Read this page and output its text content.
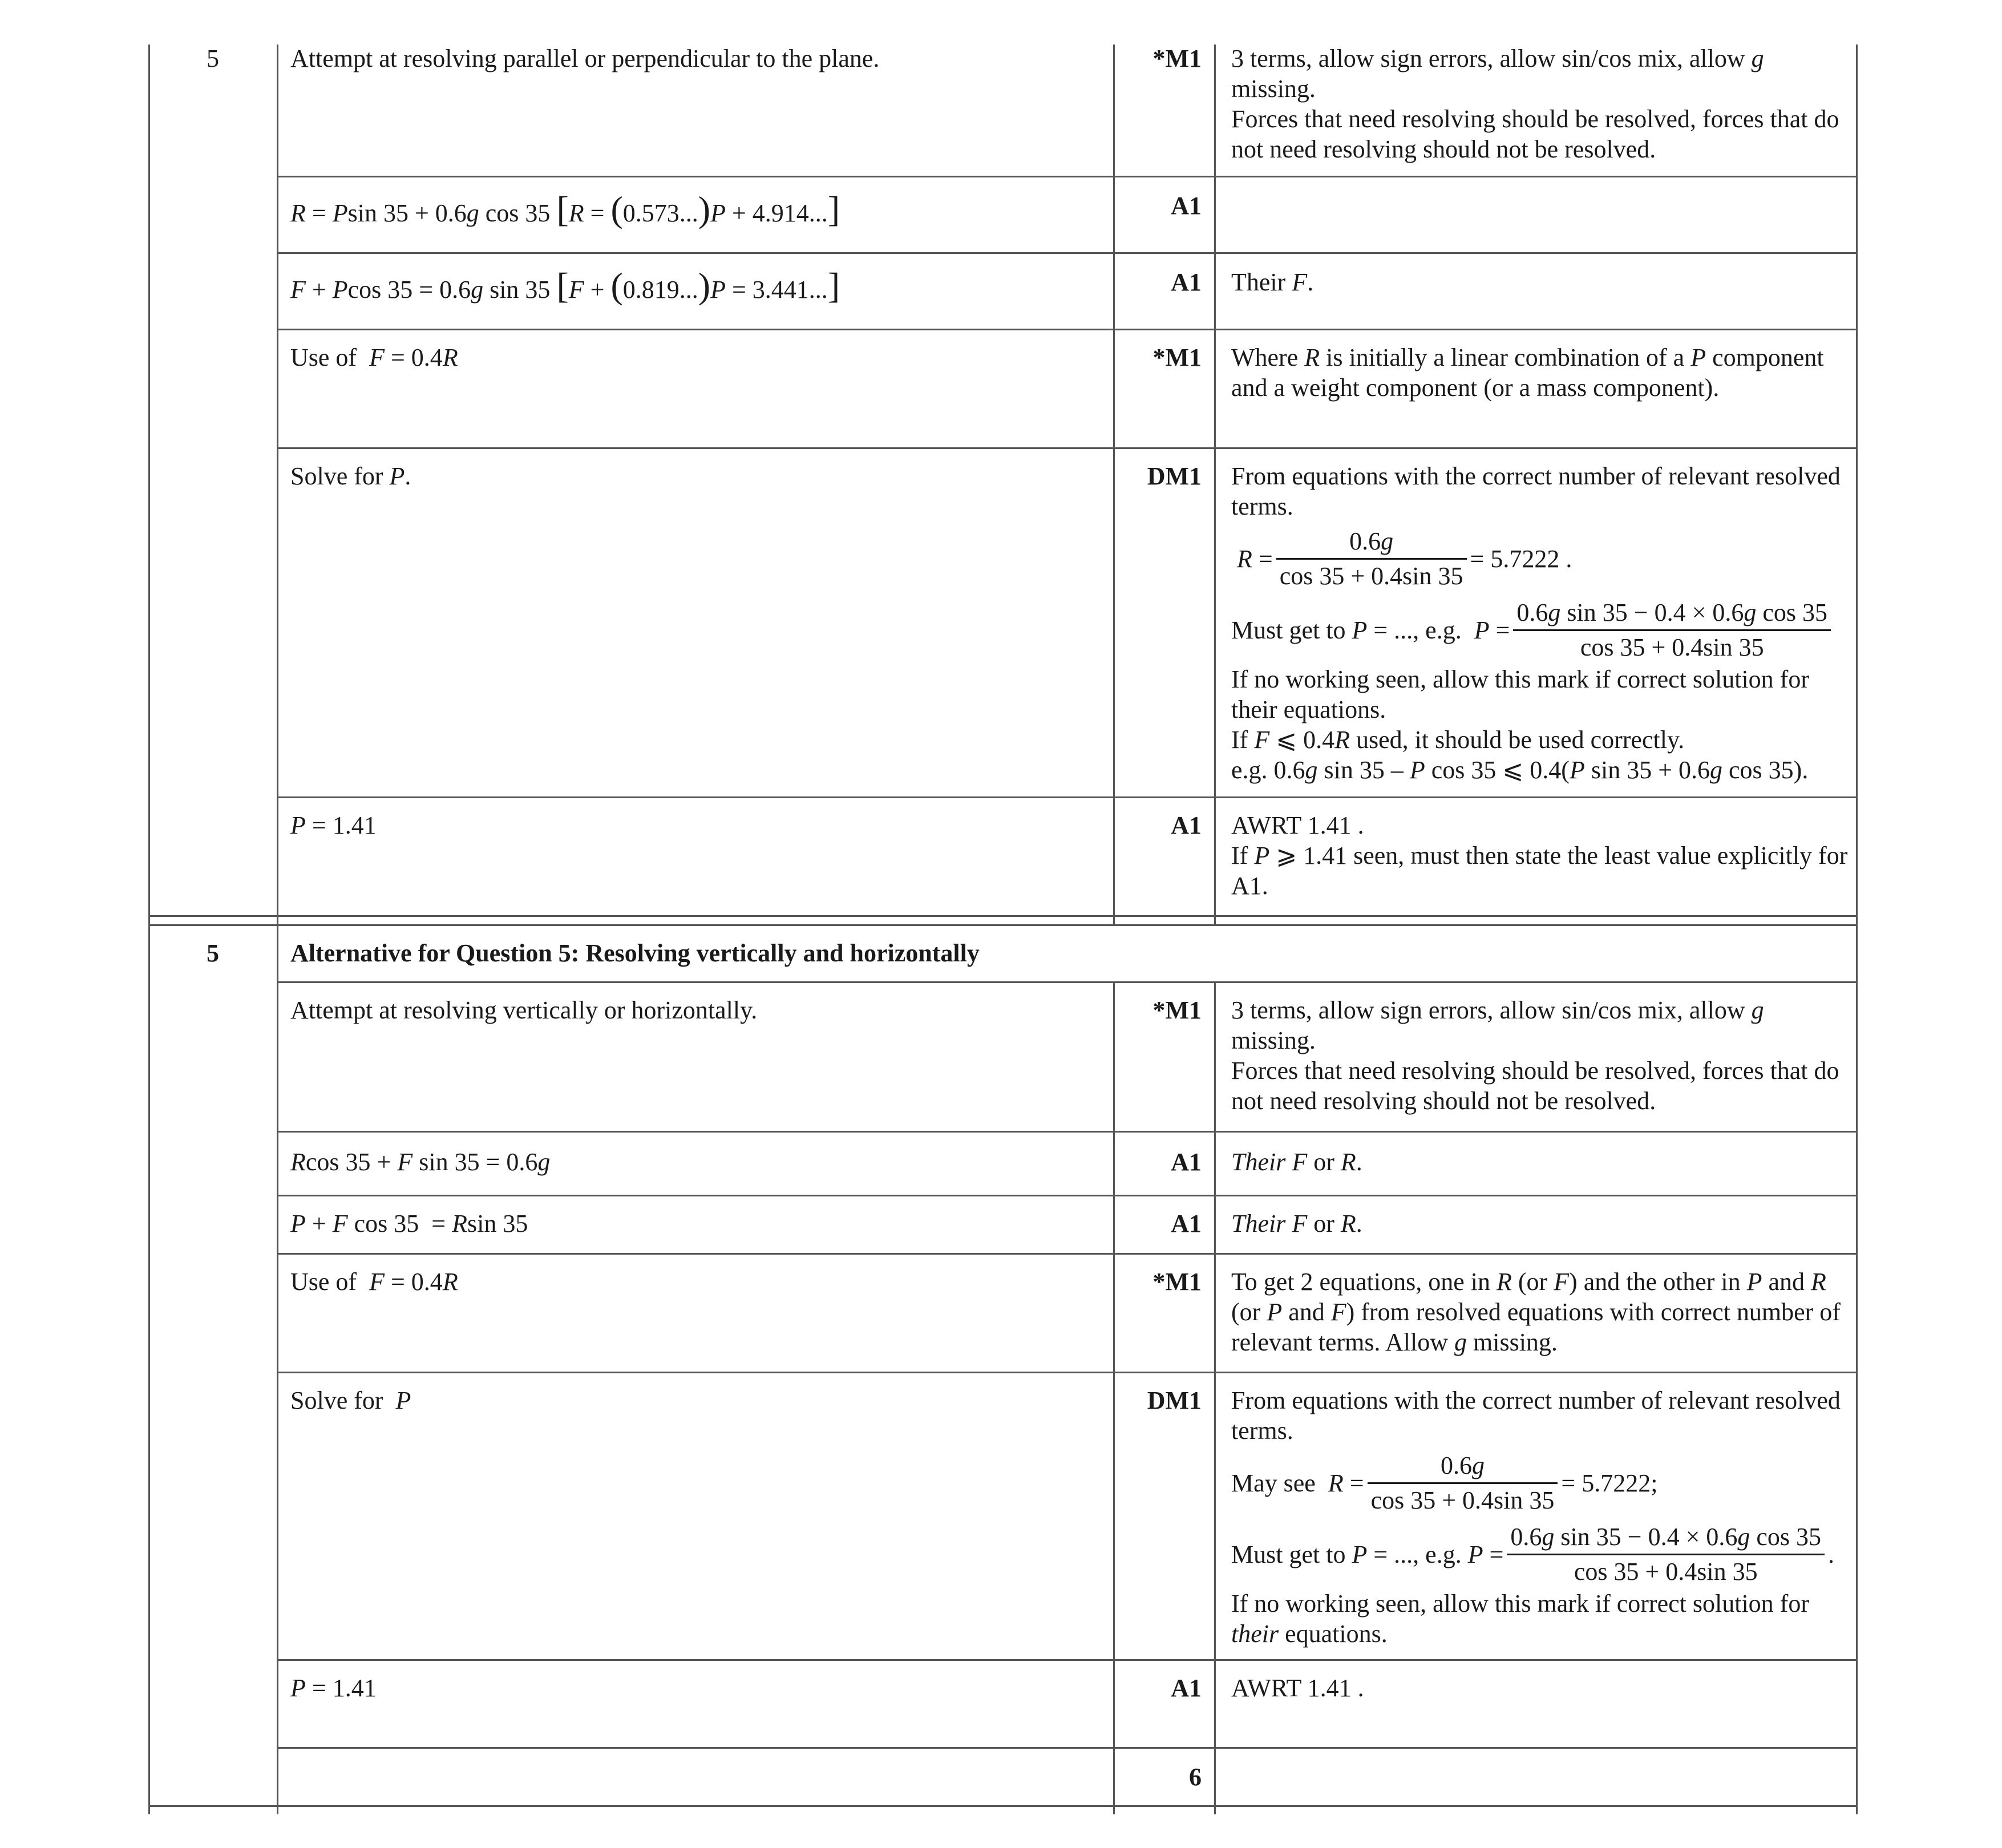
5	Attempt at resolving parallel or perpendicular to the plane.	*M1 3 terms, allow sign errors, allow sin/cos mix, allow g missing.
Forces that need resolving should be resolved, forces that do not need resolving should not be resolved.
R = Psin 35 + 0.6g cos 35 [R = (0.573...)P + 4.914...]	A1
F + Pcos 35 = 0.6g sin 35 [F + (0.819...)P = 3.441...]	A1 Their F.
Use of  F = 0.4R	*M1 Where R is initially a linear combination of a P component and a weight component (or a mass component).
Solve for P.	DM1 From equations with the correct number of relevant resolved terms.
$R = \frac{0.6g}{\cos 35 + 0.4\sin 35} = 5.7222$ .
Must get to P = ..., e.g.  $P = \frac{\text{0.6g sin 35 − 0.4 × 0.6g cos 35}}{\cos 35 + 0.4\sin 35}$
If no working seen, allow this mark if correct solution for their equations.
If F ⩽ 0.4R used, it should be used correctly.
e.g. 0.6g sin 35 – P cos 35 ⩽ 0.4(P sin 35 + 0.6g cos 35).
P = 1.41	A1 AWRT 1.41 .
If P ⩾ 1.41 seen, must then state the least value explicitly for A1.
5	Alternative for Question 5: Resolving vertically and horizontally
Attempt at resolving vertically or horizontally.	*M1 3 terms, allow sign errors, allow sin/cos mix, allow g missing.
Forces that need resolving should be resolved, forces that do not need resolving should not be resolved.
Rcos 35 + F sin 35 = 0.6g	A1 Their F or R.
P + F cos 35  = Rsin 35	A1 Their F or R.
Use of  F = 0.4R	*M1 To get 2 equations, one in R (or F) and the other in P and R (or P and F) from resolved equations with correct number of relevant terms. Allow g missing.
Solve for  P	DM1 From equations with the correct number of relevant resolved terms.
May see  $R = \frac{0.6g}{\cos 35 + 0.4\sin 35} = 5.7222$;
Must get to P = ..., e.g. $P = \frac{\text{0.6g sin 35 − 0.4 × 0.6g cos 35}}{\cos 35 + 0.4\sin 35}$ .
If no working seen, allow this mark if correct solution for their equations.
P = 1.41	A1 AWRT 1.41 .
6
